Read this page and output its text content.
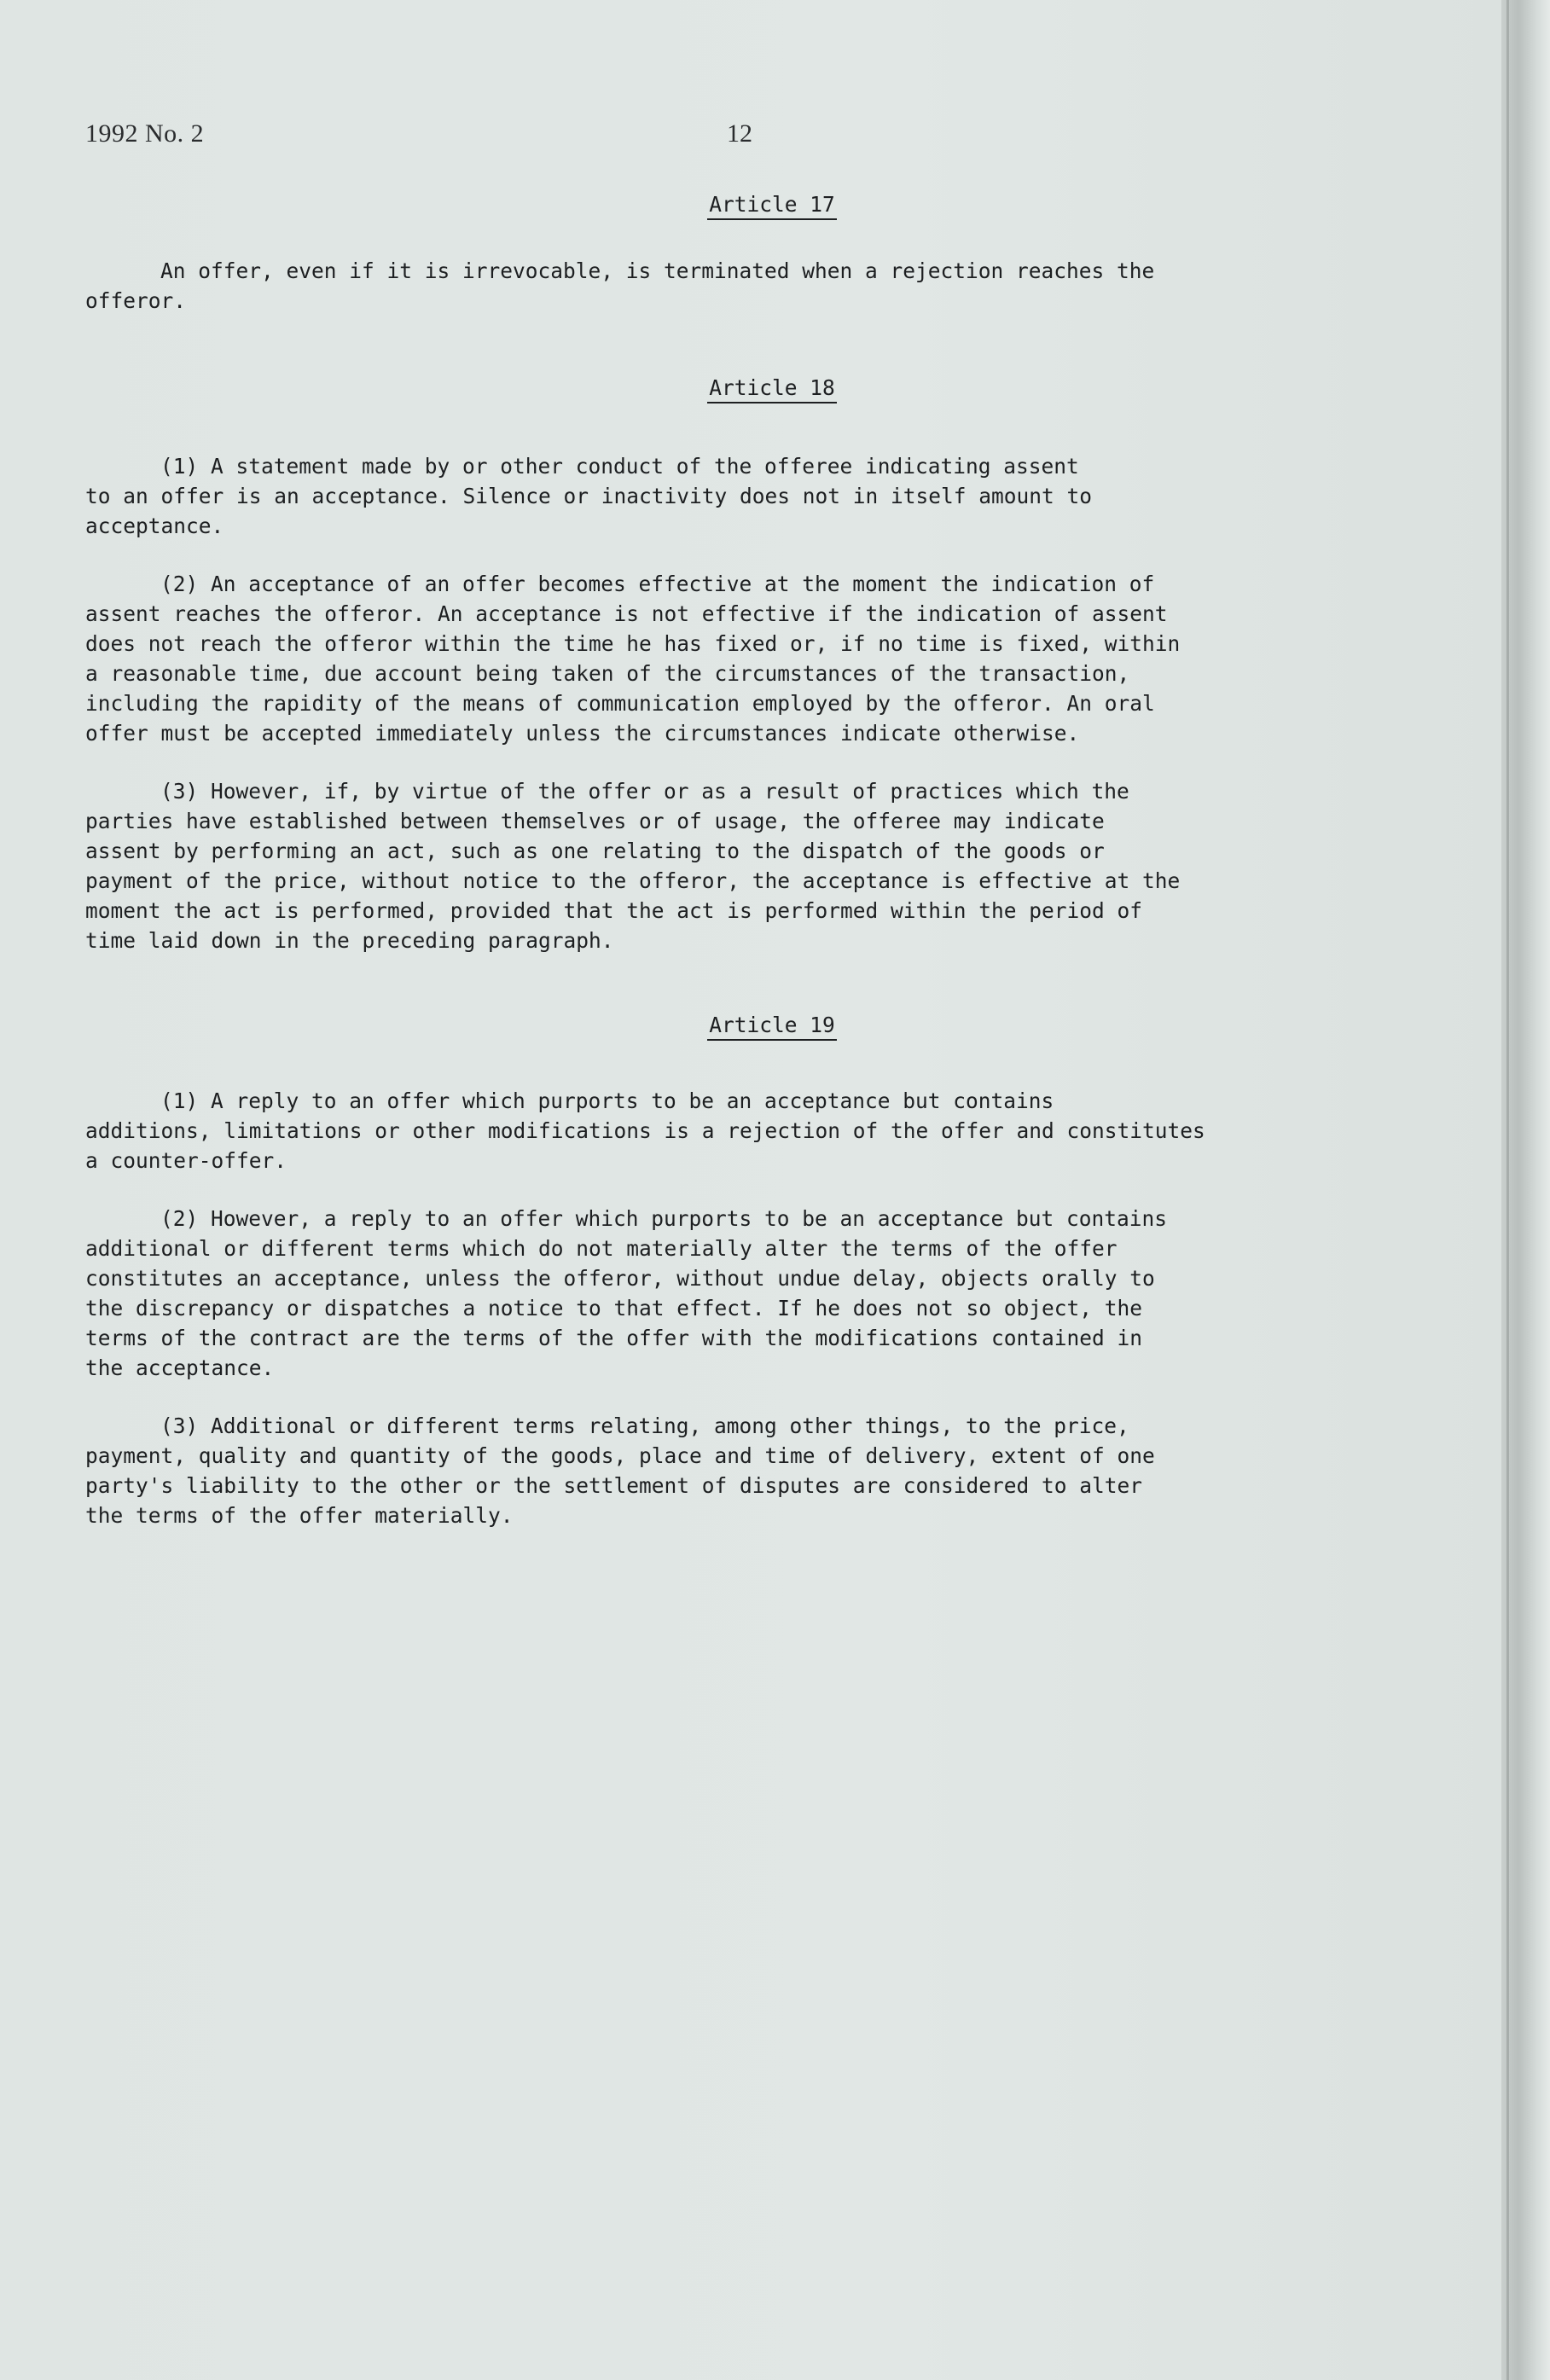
1992 No. 2	12

Article 17

An offer, even if it is irrevocable, is terminated when a rejection reaches the
offeror.

Article 18

(1) A statement made by or other conduct of the offeree indicating assent
to an offer is an acceptance. Silence or inactivity does not in itself amount to
acceptance.

(2) An acceptance of an offer becomes effective at the moment the indication of
assent reaches the offeror. An acceptance is not effective if the indication of assent
does not reach the offeror within the time he has fixed or, if no time is fixed, within
a reasonable time, due account being taken of the circumstances of the transaction,
including the rapidity of the means of communication employed by the offeror. An oral
offer must be accepted immediately unless the circumstances indicate otherwise.

(3) However, if, by virtue of the offer or as a result of practices which the
parties have established between themselves or of usage, the offeree may indicate
assent by performing an act, such as one relating to the dispatch of the goods or
payment of the price, without notice to the offeror, the acceptance is effective at the
moment the act is performed, provided that the act is performed within the period of
time laid down in the preceding paragraph.

Article 19

(1) A reply to an offer which purports to be an acceptance but contains
additions, limitations or other modifications is a rejection of the offer and constitutes
a counter-offer.

(2) However, a reply to an offer which purports to be an acceptance but contains
additional or different terms which do not materially alter the terms of the offer
constitutes an acceptance, unless the offeror, without undue delay, objects orally to
the discrepancy or dispatches a notice to that effect. If he does not so object, the
terms of the contract are the terms of the offer with the modifications contained in
the acceptance.

(3) Additional or different terms relating, among other things, to the price,
payment, quality and quantity of the goods, place and time of delivery, extent of one
party's liability to the other or the settlement of disputes are considered to alter
the terms of the offer materially.
